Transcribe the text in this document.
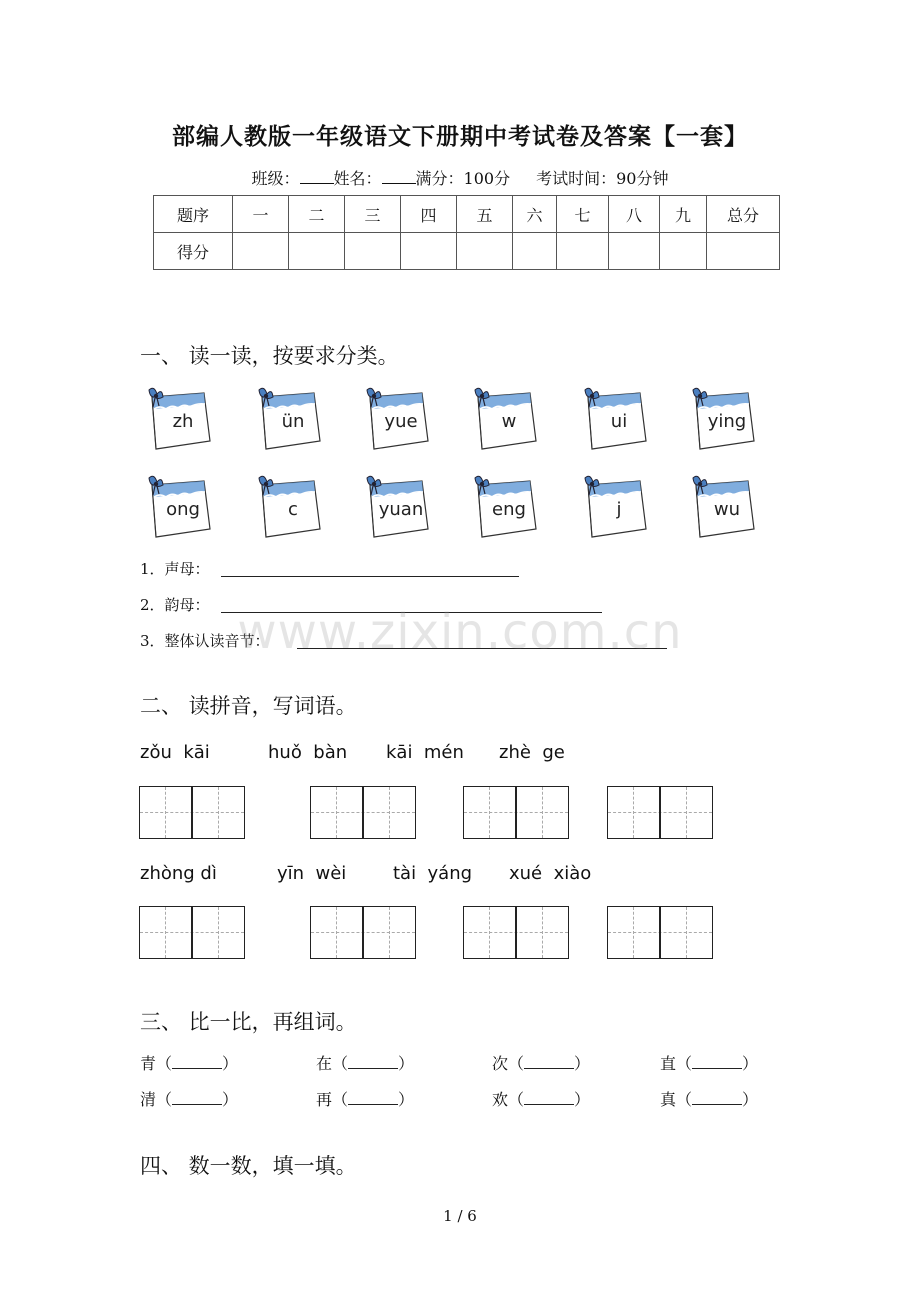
部编人教版一年级语文下册期中考试卷及答案【一套】
班级： 姓名： 满分：100分 考试时间：90分钟
题序	一	二	三	四	五	六	七	八	九	总分
得分										
一、 读一读，按要求分类。
zh	ün	yue	w	ui	ying
ong	c	yuan	eng	j	wu
1．声母：
2．韵母：
3．整体认读音节：
www.zixin.com.cn
二、 读拼音，写词语。
zǒu  kāi	huǒ  bàn kāi  mén zhè  ge
zhòng dì	yīn  wèi	tài  yáng xué  xiào
三、 比一比，再组词。
青（	）	在（	）	次（	）	直（	）
清（	）	再（	）	欢（	）	真（	）
四、 数一数，填一填。
1 / 6
